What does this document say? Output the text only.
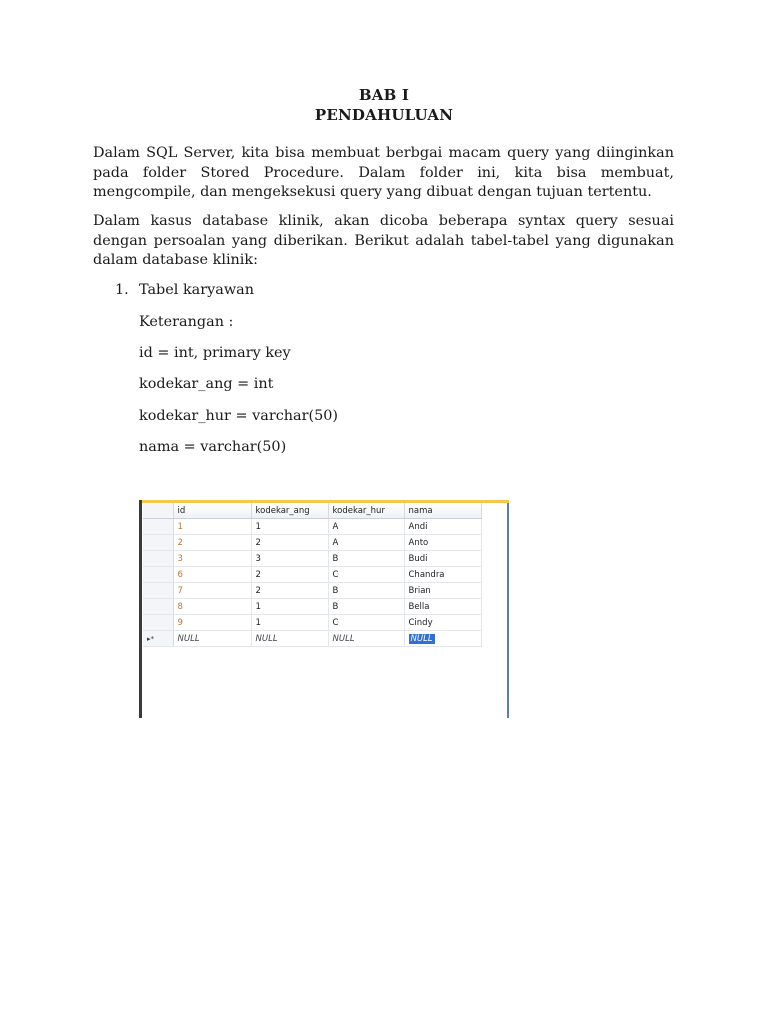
BAB I
PENDAHULUAN
Dalam SQL Server, kita bisa membuat berbgai macam query yang diinginkan pada folder Stored Procedure. Dalam folder ini, kita bisa membuat, mengcompile, dan mengeksekusi query yang dibuat dengan tujuan tertentu.
Dalam kasus database klinik, akan dicoba beberapa syntax query sesuai dengan persoalan yang diberikan. Berikut adalah tabel-tabel yang digunakan dalam database klinik:
1. Tabel karyawan
Keterangan :
id = int, primary key
kodekar_ang = int
kodekar_hur = varchar(50)
nama = varchar(50)
	id	kodekar_ang	kodekar_hur	nama
	1	1	A	Andi
	2	2	A	Anto
	3	3	B	Budi
	6	2	C	Chandra
	7	2	B	Brian
	8	1	B	Bella
	9	1	C	Cindy
▸*	NULL	NULL	NULL	NULL
